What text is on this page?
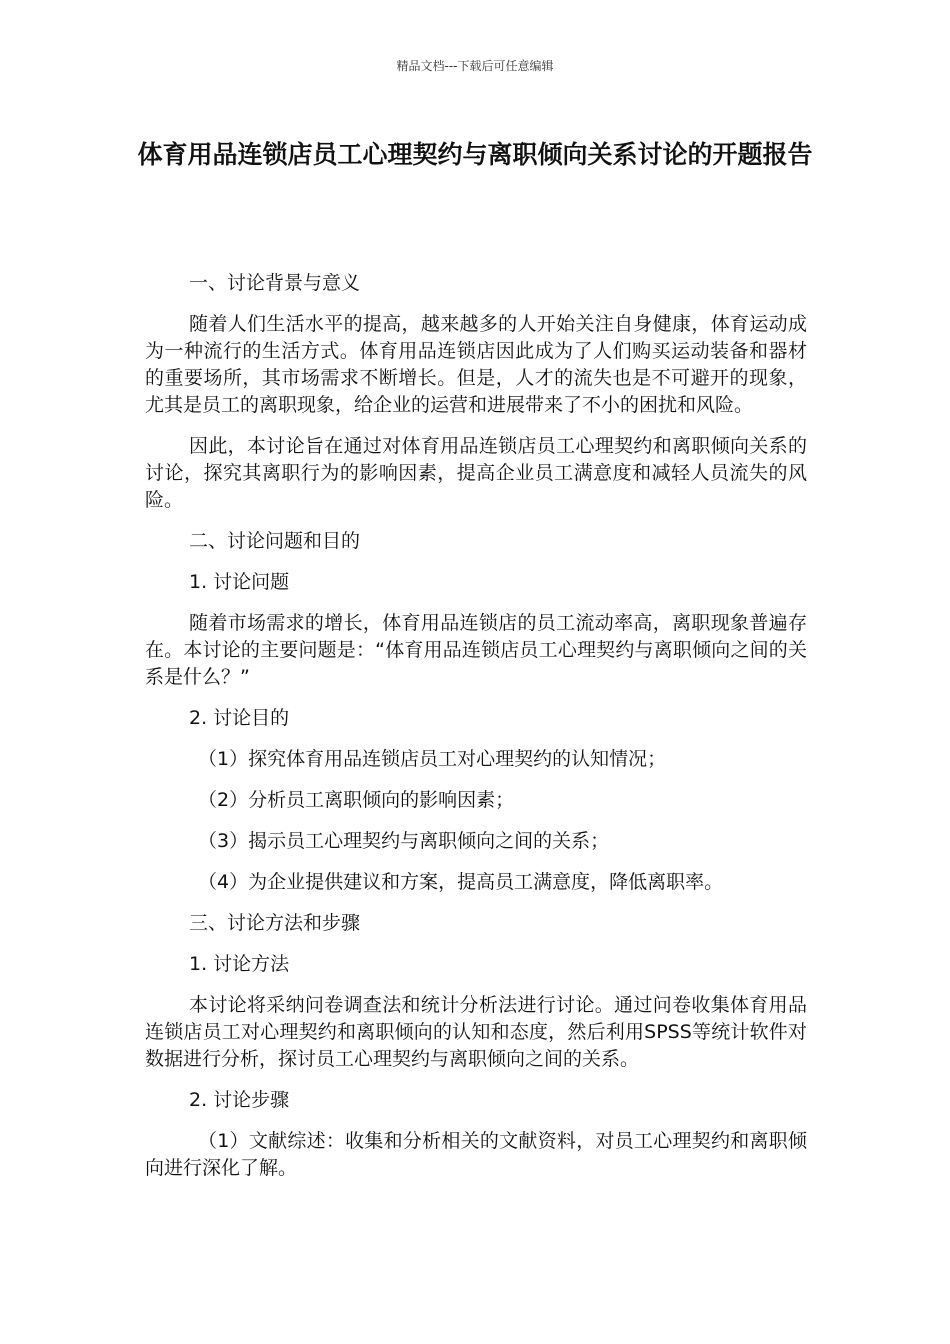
精品文档---下载后可任意编辑
体育用品连锁店员工心理契约与离职倾向关系讨论的开题报告

一、讨论背景与意义

随着人们生活水平的提高，越来越多的人开始关注自身健康，体育运动成为一种流行的生活方式。体育用品连锁店因此成为了人们购买运动装备和器材的重要场所，其市场需求不断增长。但是，人才的流失也是不可避开的现象，尤其是员工的离职现象，给企业的运营和进展带来了不小的困扰和风险。

因此，本讨论旨在通过对体育用品连锁店员工心理契约和离职倾向关系的讨论，探究其离职行为的影响因素，提高企业员工满意度和减轻人员流失的风险。

二、讨论问题和目的

1. 讨论问题

随着市场需求的增长，体育用品连锁店的员工流动率高，离职现象普遍存在。本讨论的主要问题是：“体育用品连锁店员工心理契约与离职倾向之间的关系是什么？”

2. 讨论目的

（1）探究体育用品连锁店员工对心理契约的认知情况；

（2）分析员工离职倾向的影响因素；

（3）揭示员工心理契约与离职倾向之间的关系；

（4）为企业提供建议和方案，提高员工满意度，降低离职率。

三、讨论方法和步骤

1. 讨论方法

本讨论将采纳问卷调查法和统计分析法进行讨论。通过问卷收集体育用品连锁店员工对心理契约和离职倾向的认知和态度，然后利用SPSS等统计软件对数据进行分析，探讨员工心理契约与离职倾向之间的关系。

2. 讨论步骤

（1）文献综述：收集和分析相关的文献资料，对员工心理契约和离职倾向进行深化了解。
